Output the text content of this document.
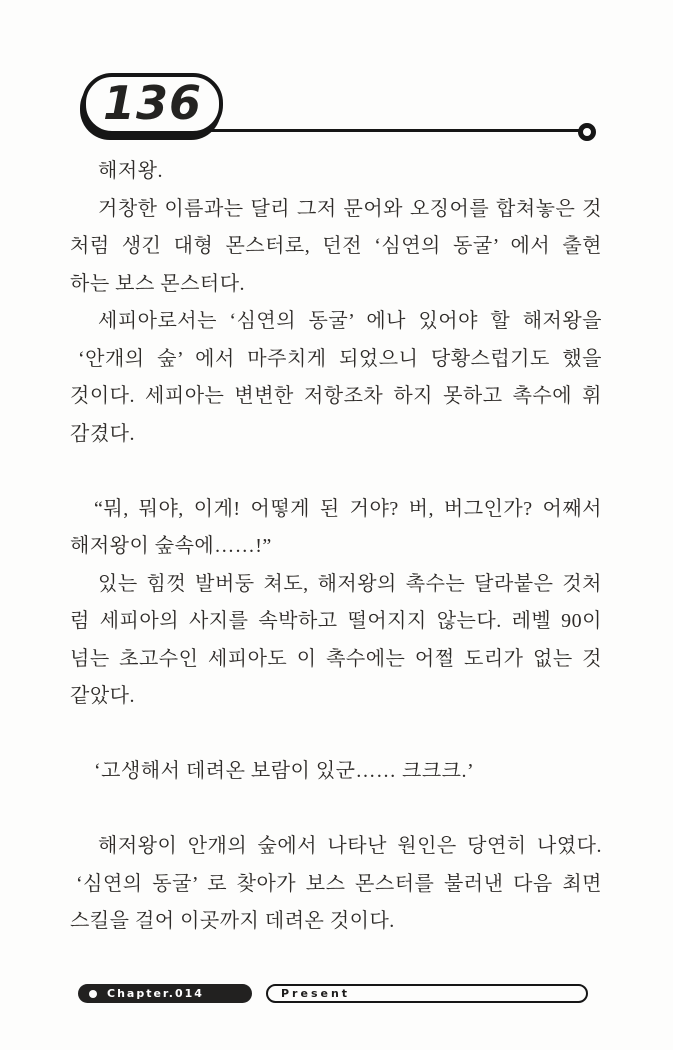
136
해저왕.
거창한 이름과는 달리 그저 문어와 오징어를 합쳐놓은 것
처럼 생긴 대형 몬스터로, 던전 ‘심연의 동굴’ 에서 출현
하는 보스 몬스터다.
세피아로서는 ‘심연의 동굴’ 에나 있어야 할 해저왕을
‘안개의 숲’ 에서 마주치게 되었으니 당황스럽기도 했을
것이다. 세피아는 변변한 저항조차 하지 못하고 촉수에 휘
감겼다.
“뭐, 뭐야, 이게! 어떻게 된 거야? 버, 버그인가? 어째서
해저왕이 숲속에……!”
있는 힘껏 발버둥 쳐도, 해저왕의 촉수는 달라붙은 것처
럼 세피아의 사지를 속박하고 떨어지지 않는다. 레벨 90이
넘는 초고수인 세피아도 이 촉수에는 어쩔 도리가 없는 것
같았다.
‘고생해서 데려온 보람이 있군…… 크크크.’
해저왕이 안개의 숲에서 나타난 원인은 당연히 나였다.
‘심연의 동굴’ 로 찾아가 보스 몬스터를 불러낸 다음 최면
스킬을 걸어 이곳까지 데려온 것이다.
Chapter.014	Present
